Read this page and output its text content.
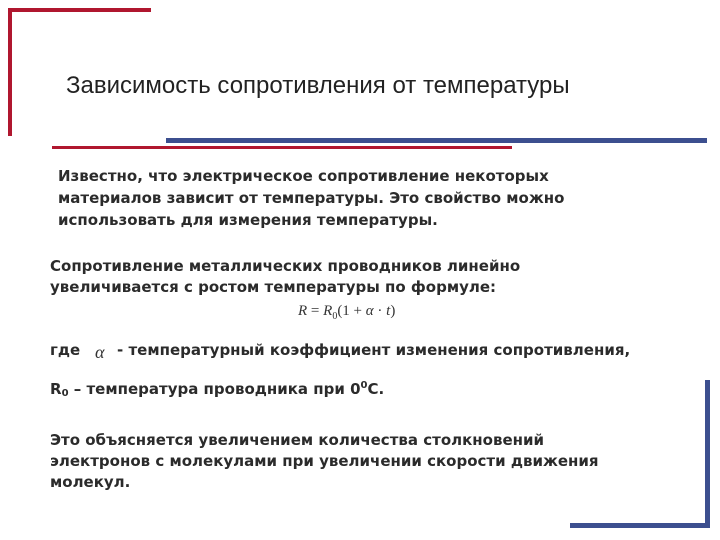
Зависимость сопротивления от температуры
Известно, что электрическое сопротивление некоторых
материалов зависит от температуры. Это свойство можно
использовать для измерения температуры.
Сопротивление металлических проводников линейно
увеличивается с ростом температуры по формуле:
$R = R_0(1 + \alpha \cdot t)$
где α - температурный коэффициент изменения сопротивления,
$R_0$ – температура проводника при $0^0С$.
Это объясняется увеличением количества столкновений
электронов с молекулами при увеличении скорости движения
молекул.
